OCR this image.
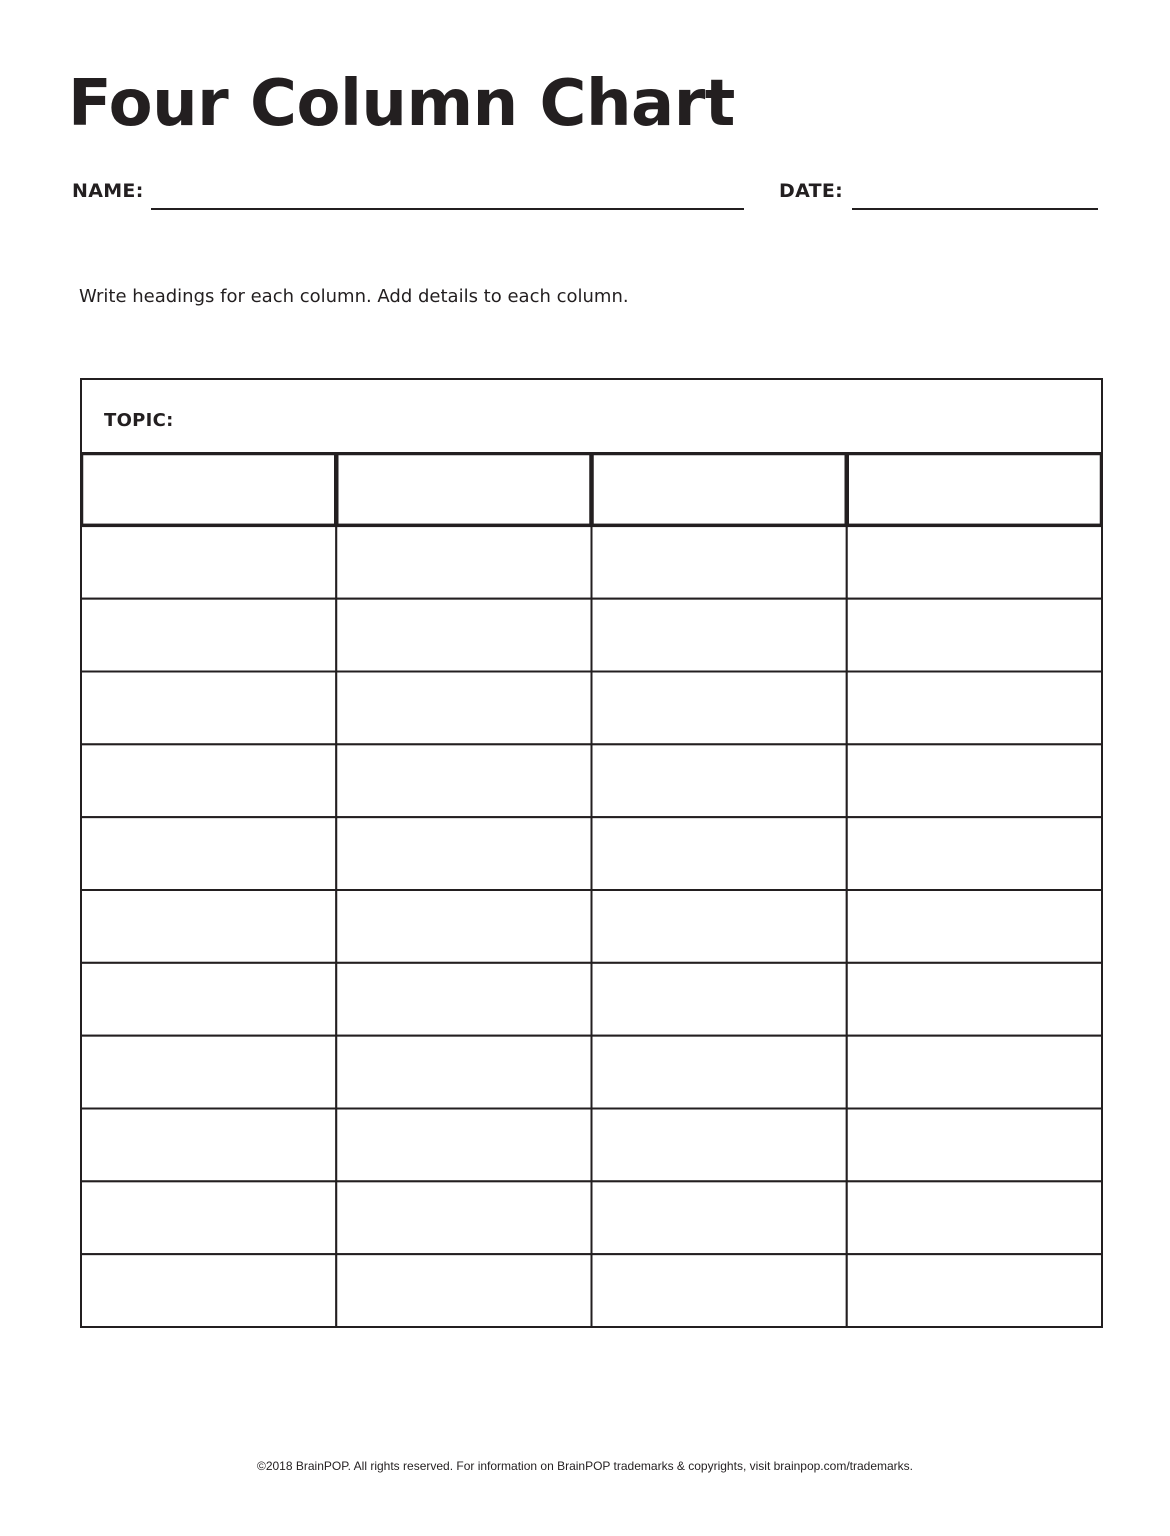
Four Column Chart
NAME:	DATE:

Write headings for each column. Add details to each column.

TOPIC:
©2018 BrainPOP. All rights reserved. For information on BrainPOP trademarks & copyrights, visit brainpop.com/trademarks.
